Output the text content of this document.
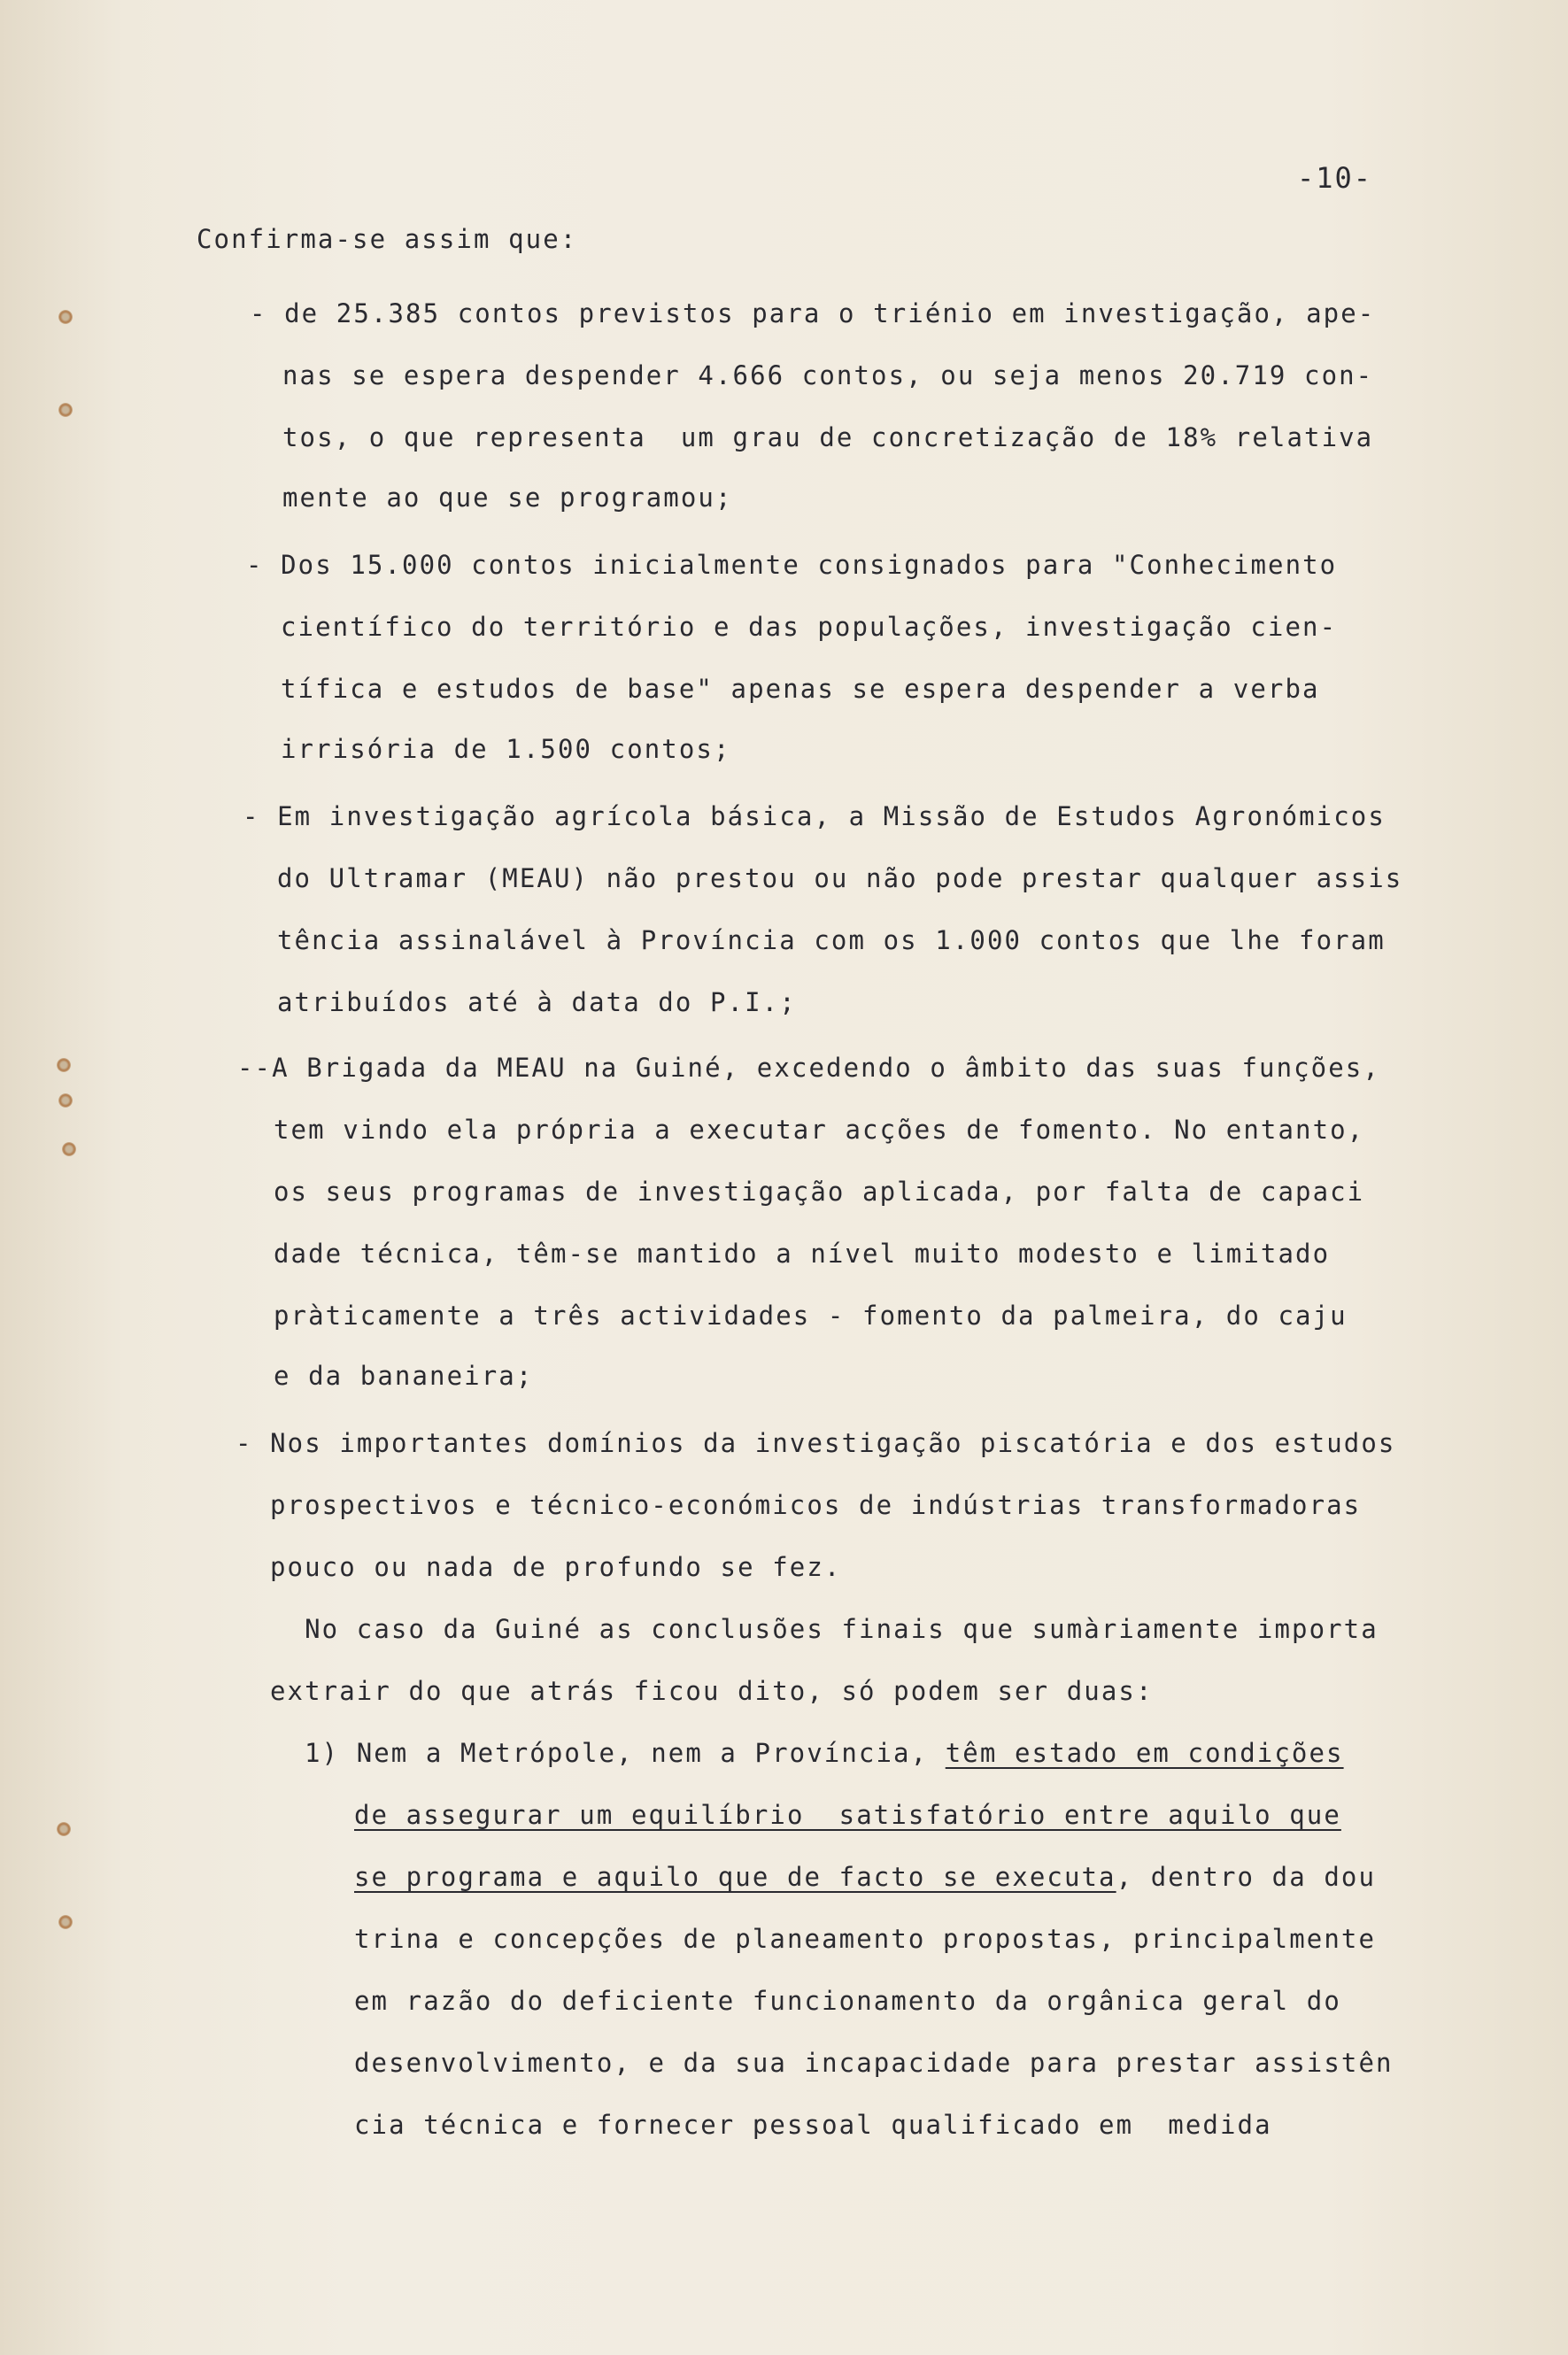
-10-
Confirma-se assim que:
- de 25.385 contos previstos para o triénio em investigação, ape-
nas se espera despender 4.666 contos, ou seja menos 20.719 con-
tos, o que representa  um grau de concretização de 18% relativa
mente ao que se programou;
- Dos 15.000 contos inicialmente consignados para "Conhecimento
científico do território e das populações, investigação cien-
tífica e estudos de base" apenas se espera despender a verba
irrisória de 1.500 contos;
- Em investigação agrícola básica, a Missão de Estudos Agronómicos
do Ultramar (MEAU) não prestou ou não pode prestar qualquer assis
tência assinalável à Província com os 1.000 contos que lhe foram
atribuídos até à data do P.I.;
--A Brigada da MEAU na Guiné, excedendo o âmbito das suas funções,
tem vindo ela própria a executar acções de fomento. No entanto,
os seus programas de investigação aplicada, por falta de capaci
dade técnica, têm-se mantido a nível muito modesto e limitado
pràticamente a três actividades - fomento da palmeira, do caju
e da bananeira;
- Nos importantes domínios da investigação piscatória e dos estudos
prospectivos e técnico-económicos de indústrias transformadoras
pouco ou nada de profundo se fez.
No caso da Guiné as conclusões finais que sumàriamente importa
extrair do que atrás ficou dito, só podem ser duas:
1) Nem a Metrópole, nem a Província, têm estado em condições
de assegurar um equilíbrio  satisfatório entre aquilo que
se programa e aquilo que de facto se executa, dentro da dou
trina e concepções de planeamento propostas, principalmente
em razão do deficiente funcionamento da orgânica geral do
desenvolvimento, e da sua incapacidade para prestar assistên
cia técnica e fornecer pessoal qualificado em  medida
